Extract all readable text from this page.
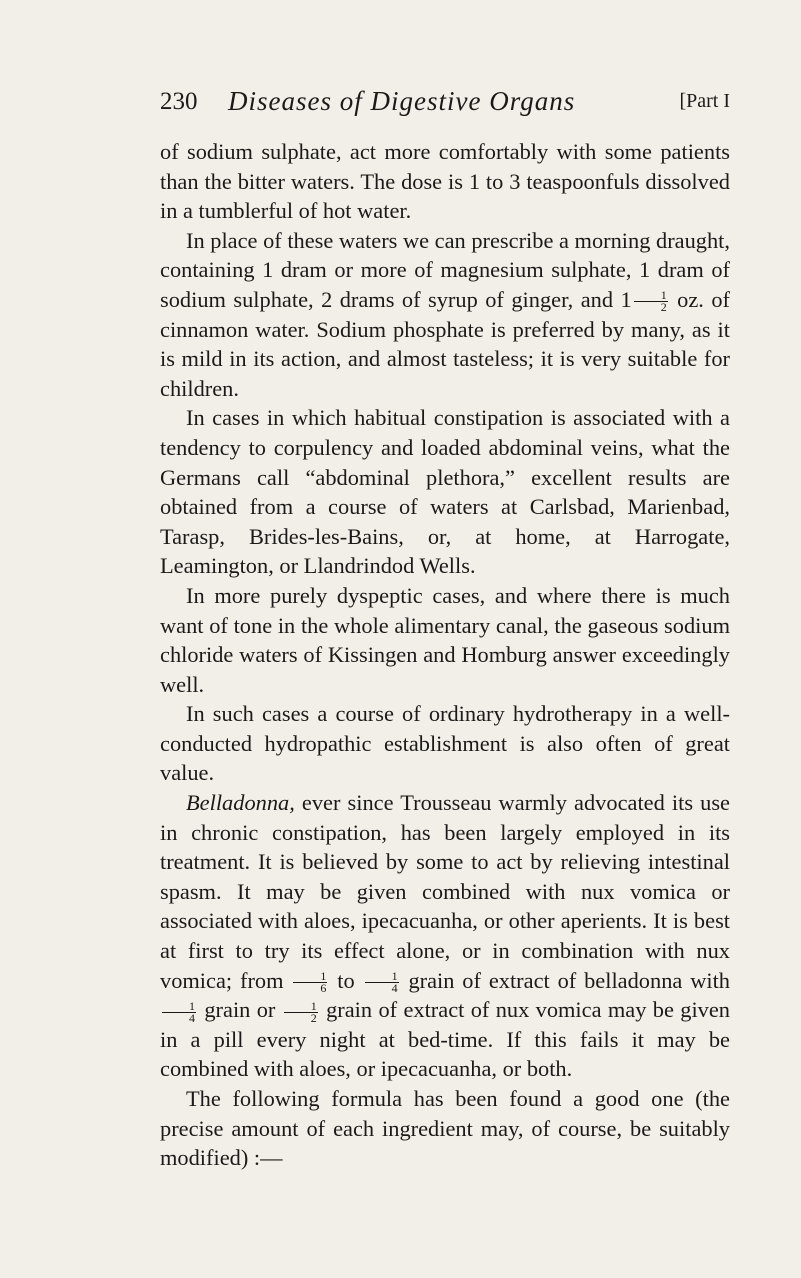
230 Diseases of Digestive Organs	[Part I

of sodium sulphate, act more comfortably with some patients than the bitter waters. The dose is 1 to 3 teaspoonfuls dissolved in a tumblerful of hot water.

In place of these waters we can prescribe a morning draught, containing 1 dram or more of magnesium sulphate, 1 dram of sodium sulphate, 2 drams of syrup of ginger, and $1 \frac{1}{2}$ oz. of cinnamon water. Sodium phosphate is preferred by many, as it is mild in its action, and almost tasteless; it is very suitable for children.

In cases in which habitual constipation is associated with a tendency to corpulency and loaded abdominal veins, what the Germans call “abdominal plethora,” excellent results are obtained from a course of waters at Carlsbad, Marienbad, Tarasp, Brides-les-Bains, or, at home, at Harrogate, Leamington, or Llandrindod Wells.

In more purely dyspeptic cases, and where there is much want of tone in the whole alimentary canal, the gaseous sodium chloride waters of Kissingen and Homburg answer exceedingly well.

In such cases a course of ordinary hydrotherapy in a well-conducted hydropathic establishment is also often of great value.

Belladonna, ever since Trousseau warmly advocated its use in chronic constipation, has been largely employed in its treatment. It is believed by some to act by relieving intestinal spasm. It may be given combined with nux vomica or associated with aloes, ipecacuanha, or other aperients. It is best at first to try its effect alone, or in combination with nux vomica; from $\frac{1}{6}$ to $\frac{1}{4}$ grain of extract of belladonna with
$\frac{1}{4}$ grain or $\frac{1}{2}$ grain of extract of nux vomica may be given in a pill every night at bed-time. If this fails it may be combined with aloes, or ipecacuanha, or both.

The following formula has been found a good one (the precise amount of each ingredient may, of course, be suitably modified) :—
